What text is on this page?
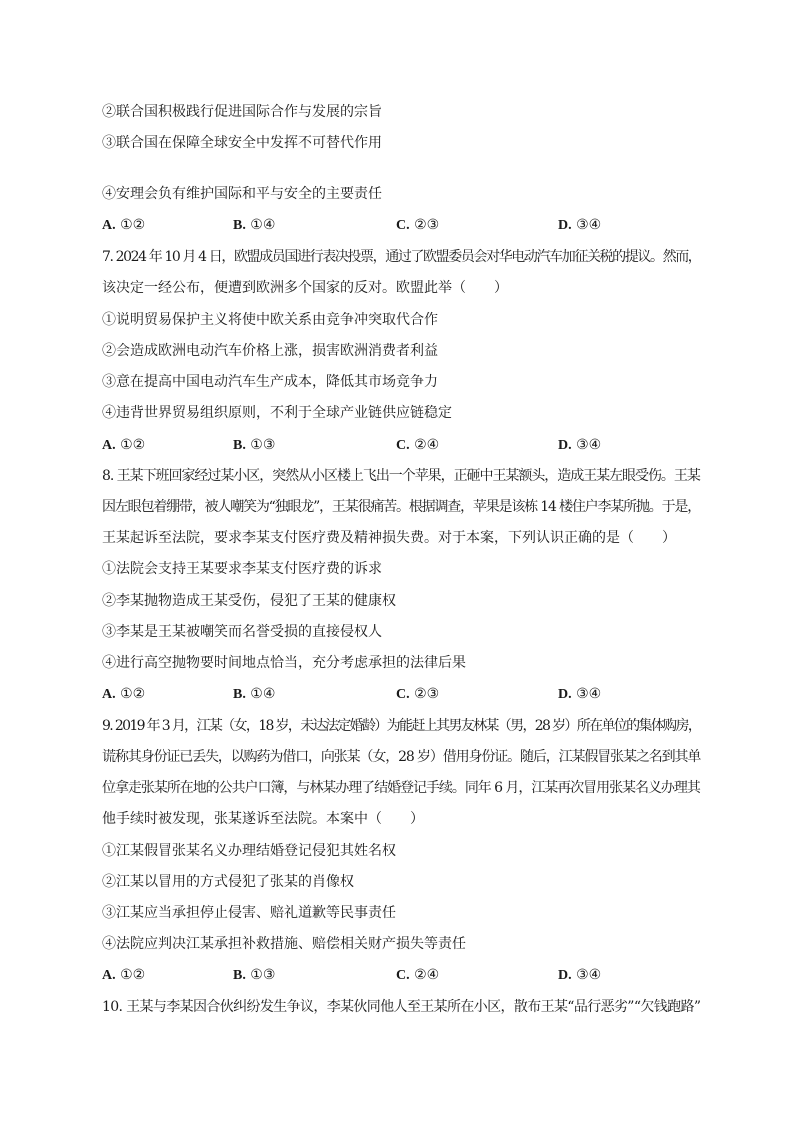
②联合国积极践行促进国际合作与发展的宗旨
③联合国在保障全球安全中发挥不可替代作用
④安理会负有维护国际和平与安全的主要责任
A. ①②	B. ①④	C. ②③	D. ③④
7. 2024 年 10 月 4 日，欧盟成员国进行表决投票，通过了欧盟委员会对华电动汽车加征关税的提议。然而，
该决定一经公布，便遭到欧洲多个国家的反对。欧盟此举（　　）
①说明贸易保护主义将使中欧关系由竞争冲突取代合作
②会造成欧洲电动汽车价格上涨，损害欧洲消费者利益
③意在提高中国电动汽车生产成本，降低其市场竞争力
④违背世界贸易组织原则，不利于全球产业链供应链稳定
A. ①②	B. ①③	C. ②④	D. ③④
8. 王某下班回家经过某小区，突然从小区楼上飞出一个苹果，正砸中王某额头，造成王某左眼受伤。王某
因左眼包着绷带，被人嘲笑为“独眼龙”，王某很痛苦。根据调查，苹果是该栋 14 楼住户李某所抛。于是，
王某起诉至法院，要求李某支付医疗费及精神损失费。对于本案，下列认识正确的是（　　）
①法院会支持王某要求李某支付医疗费的诉求
②李某抛物造成王某受伤，侵犯了王某的健康权
③李某是王某被嘲笑而名誉受损的直接侵权人
④进行高空抛物要时间地点恰当，充分考虑承担的法律后果
A. ①②	B. ①④	C. ②③	D. ③④
9. 2019 年 3 月，江某（女，18 岁，未达法定婚龄）为能赶上其男友林某（男，28 岁）所在单位的集体购房，
谎称其身份证已丢失，以购药为借口，向张某（女，28 岁）借用身份证。随后，江某假冒张某之名到其单
位拿走张某所在地的公共户口簿，与林某办理了结婚登记手续。同年 6 月，江某再次冒用张某名义办理其
他手续时被发现，张某遂诉至法院。本案中（　　）
①江某假冒张某名义办理结婚登记侵犯其姓名权
②江某以冒用的方式侵犯了张某的肖像权
③江某应当承担停止侵害、赔礼道歉等民事责任
④法院应判决江某承担补救措施、赔偿相关财产损失等责任
A. ①②	B. ①③	C. ②④	D. ③④
10. 王某与李某因合伙纠纷发生争议，李某伙同他人至王某所在小区，散布王某“品行恶劣”“欠钱跑路”
